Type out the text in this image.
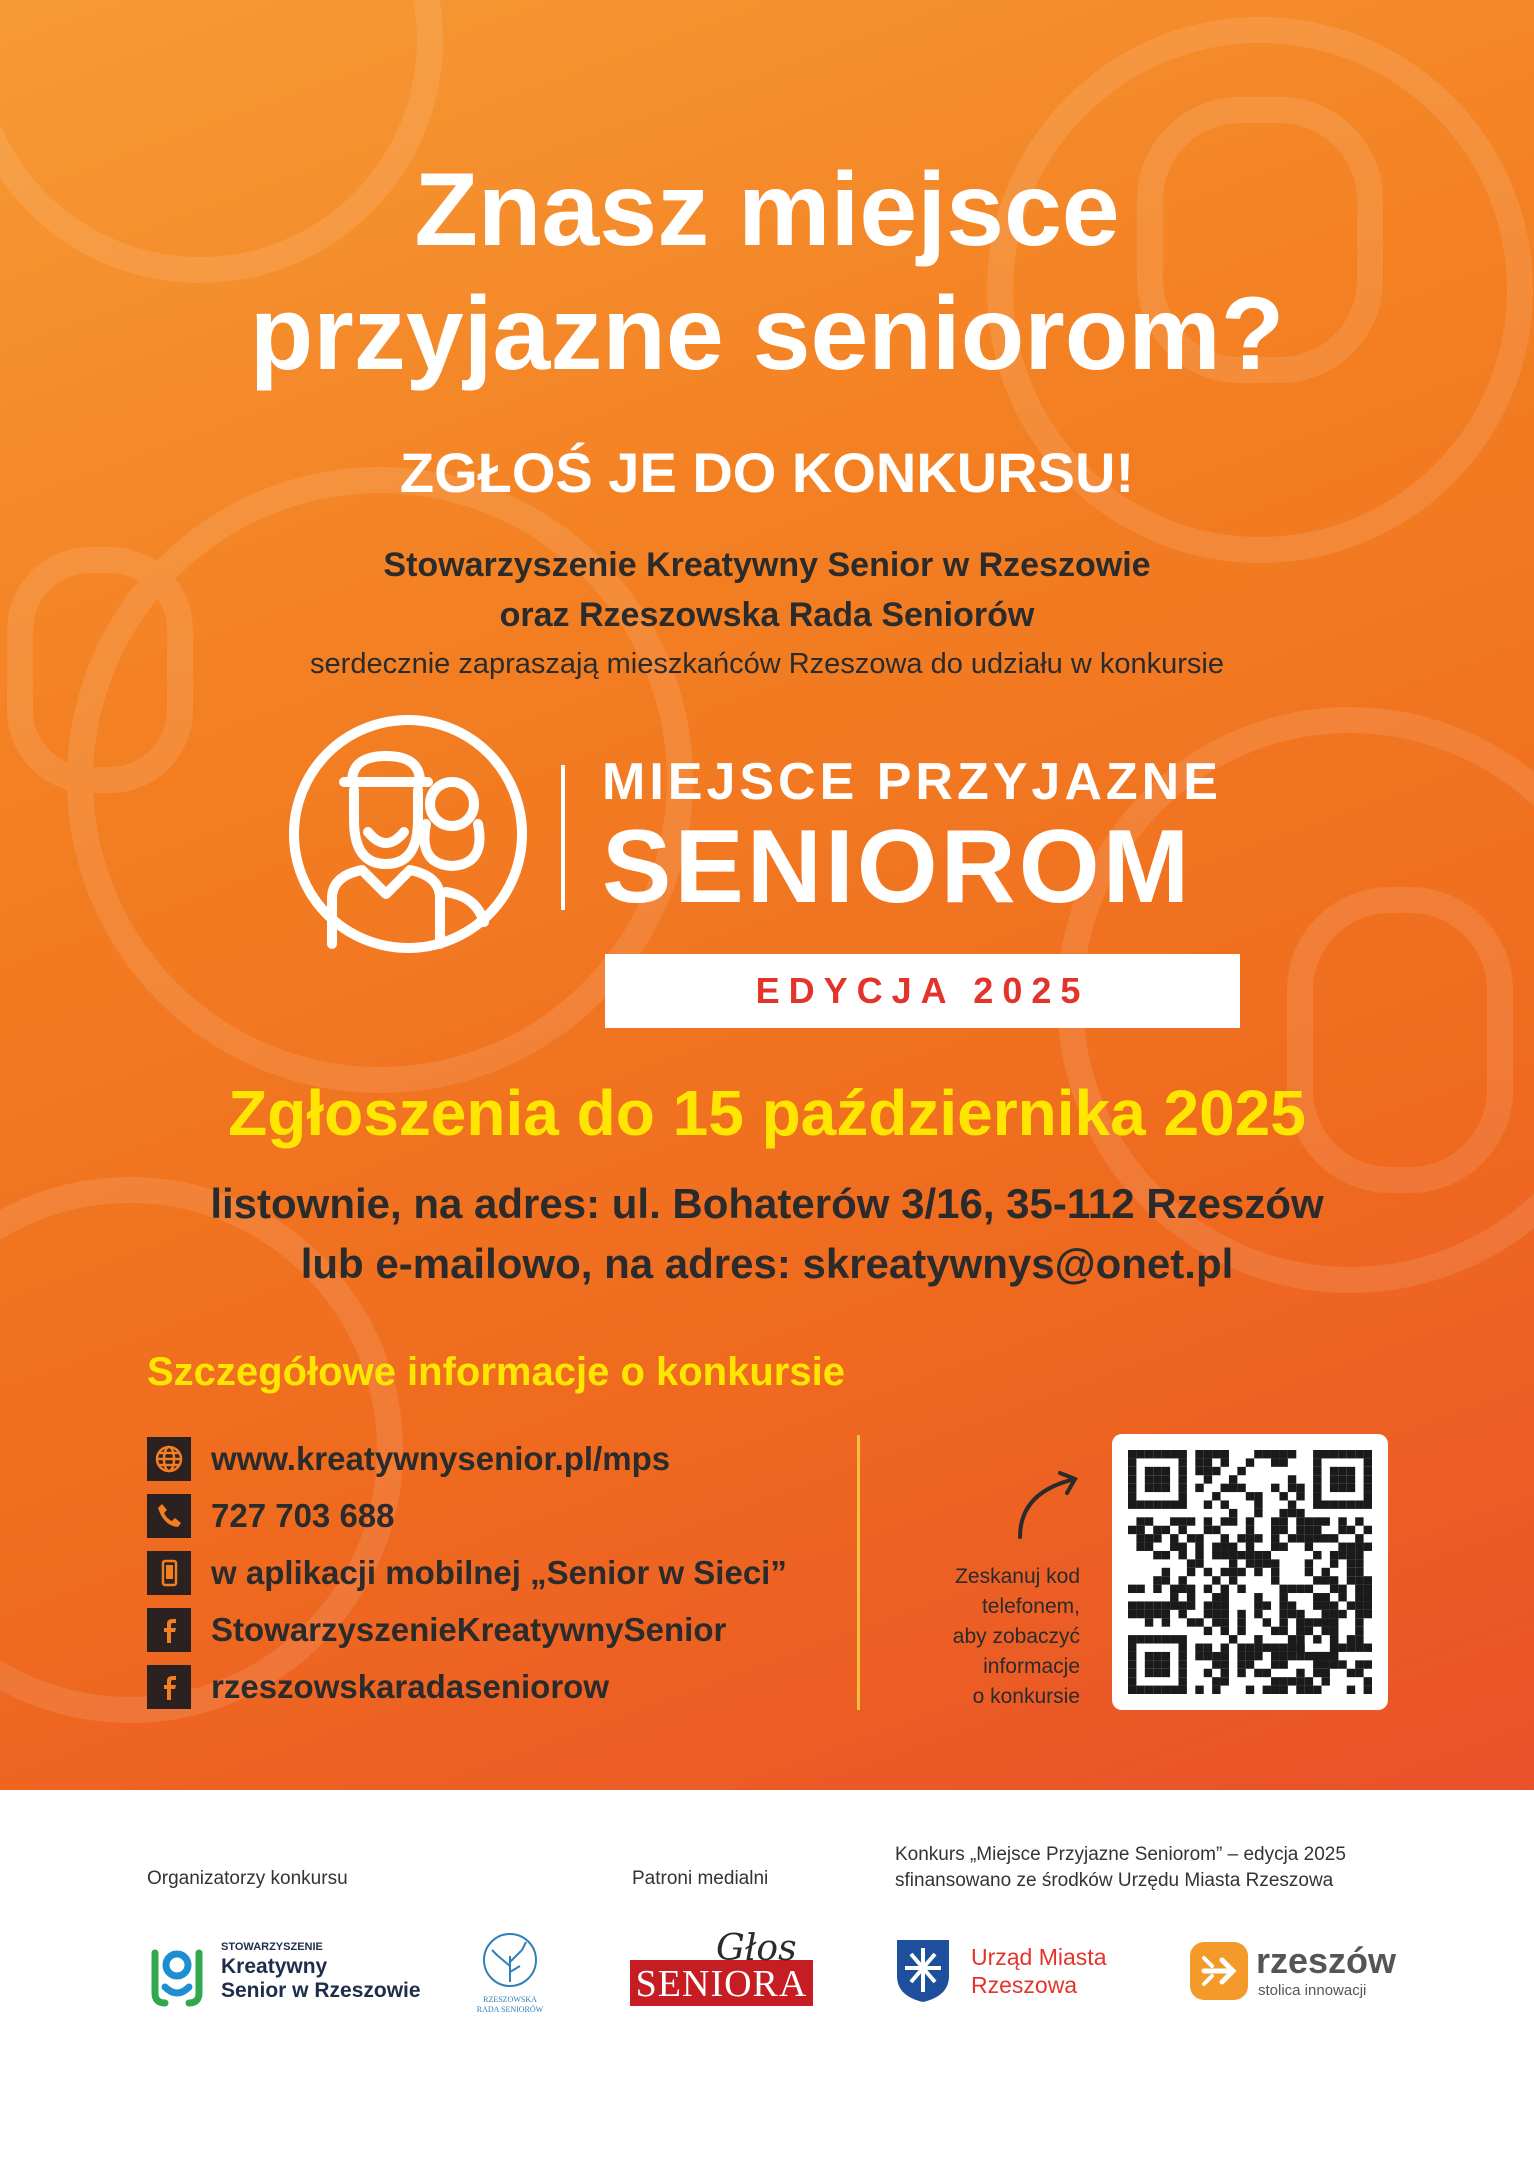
Znasz miejsce
przyjazne seniorom?
ZGŁOŚ JE DO KONKURSU!
Stowarzyszenie Kreatywny Senior w Rzeszowie
oraz Rzeszowska Rada Seniorów
serdecznie zapraszają mieszkańców Rzeszowa do udziału w konkursie
MIEJSCE PRZYJAZNE
SENIOROM
EDYCJA 2025
Zgłoszenia do 15 października 2025
listownie, na adres: ul. Bohaterów 3/16, 35-112 Rzeszów
lub e-mailowo, na adres: skreatywnys@onet.pl
Szczegółowe informacje o konkursie
www.kreatywnysenior.pl/mps
727 703 688
w aplikacji mobilnej „Senior w Sieci”
StowarzyszenieKreatywnySenior
rzeszowskaradaseniorow
Zeskanuj kod
telefonem,
aby zobaczyć
informacje
o konkursie
Organizatorzy konkursu	Patroni medialni
Konkurs „Miejsce Przyjazne Seniorom” – edycja 2025
sfinansowano ze środków Urzędu Miasta Rzeszowa
STOWARZYSZENIE
Kreatywny
Senior w Rzeszowie	RZESZOWSKA
RADA SENIORÓW
SENIORA
Głos	Urząd Miasta
Rzeszowa
rzeszów
stolica innowacji
